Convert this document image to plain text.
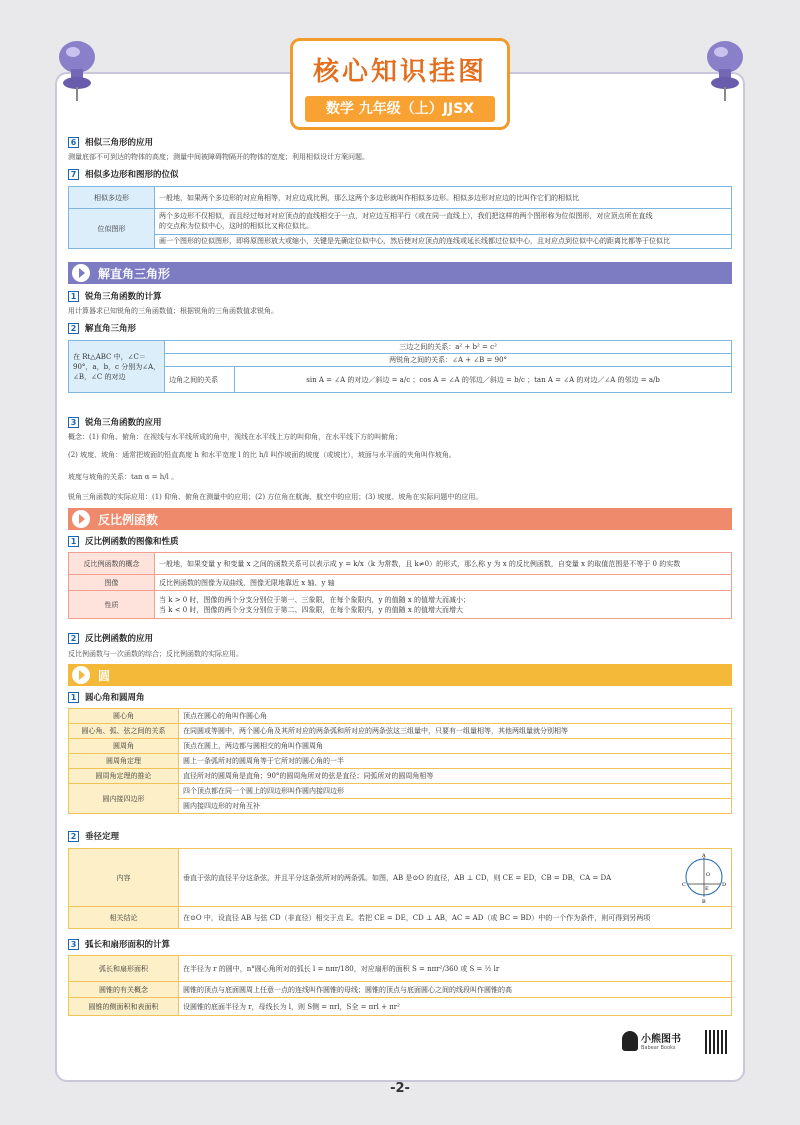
核心知识挂图
数学 九年级（上）JJSX
6	相似三角形的应用
测量底部不可到达的物体的高度；测量中间被障碍物隔开的物体的宽度；利用相似设计方案问题。
7	相似多边形和图形的位似
相似多边形	一般地，如果两个多边形的对应角相等，对应边成比例，那么这两个多边形就叫作相似多边形。相似多边形对应边的比叫作它们的相似比
位似图形	两个多边形不仅相似，而且经过每对对应顶点的直线相交于一点，对应边互相平行（或在同一直线上），我们把这样的两个图形称为位似图形，对应顶点所在直线
的交点称为位似中心，这时的相似比又称位似比。

	画一个图形的位似图形，即将原图形放大或缩小，关键是先确定位似中心，然后使对应顶点的连线或延长线都过位似中心，且对应点到位似中心的距离比都等于位似比
解直角三角形
1	锐角三角函数的计算
用计算器求已知锐角的三角函数值；根据锐角的三角函数值求锐角。
2	解直角三角形
在 Rt△ABC 中，∠C＝
90°，a，b，c 分别为∠A，
∠B，∠C 的对边	三边之间的关系：a² + b² = c²	
	两锐角之间的关系：∠A + ∠B = 90°	
	边角之间的关系	sin A = ∠A 的对边／斜边 = a/c ；cos A = ∠A 的邻边／斜边 = b/c ；tan A = ∠A 的对边／∠A 的邻边 = a/b
3	锐角三角函数的应用
概念：(1) 仰角、俯角：在视线与水平线所成的角中，视线在水平线上方的叫仰角，在水平线下方的叫俯角；
(2) 坡度、坡角：通常把坡面的铅直高度 h 和水平宽度 l 的比 h/l 叫作坡面的坡度（或坡比），坡面与水平面的夹角叫作坡角。
坡度与坡角的关系：tan α = h/l 。
锐角三角函数的实际应用：(1) 仰角、俯角在测量中的应用；(2) 方位角在航海、航空中的应用；(3) 坡度、坡角在实际问题中的应用。
反比例函数
1	反比例函数的图像和性质
反比例函数的概念	一般地，如果变量 y 和变量 x 之间的函数关系可以表示成 y = k/x（k 为常数，且 k≠0）的形式，那么称 y 为 x 的反比例函数，自变量 x 的取值范围是不等于 0 的实数
图像	反比例函数的图像为双曲线，图像无限地靠近 x 轴、y 轴
性质	当 k > 0 时，图像的两个分支分别位于第一、三象限，在每个象限内，y 的值随 x 的值增大而减小；
当 k < 0 时，图像的两个分支分别位于第二、四象限，在每个象限内，y 的值随 x 的值增大而增大
2	反比例函数的应用
反比例函数与一次函数的综合；反比例函数的实际应用。
圆
1	圆心角和圆周角
圆心角	顶点在圆心的角叫作圆心角
圆心角、弧、弦之间的关系	在同圆或等圆中，两个圆心角及其所对应的两条弧和所对应的两条弦这三组量中，只要有一组量相等，其他两组量就分别相等
圆周角	顶点在圆上，两边都与圆相交的角叫作圆周角
圆周角定理	圆上一条弧所对的圆周角等于它所对的圆心角的一半
圆周角定理的推论	直径所对的圆周角是直角；90°的圆周角所对的弦是直径；同弧所对的圆周角相等
圆内接四边形	四个顶点都在同一个圆上的四边形叫作圆内接四边形
	圆内接四边形的对角互补
2	垂径定理
内容	垂直于弦的直径平分这条弦，并且平分这条弦所对的两条弧。如图，AB 是⊙O 的直径，AB ⊥ CD，则 CE = ED，CB = DB，CA = DA
相关结论	在⊙O 中，设直径 AB 与弦 CD（非直径）相交于点 E。若把 CE = DE，CD ⊥ AB，AC = AD（或 BC = BD）中的一个作为条件，则可得到另两项
A
B
C	D
E
O
3	弧长和扇形面积的计算
弧长和扇形面积	在半径为 r 的圆中，n°圆心角所对的弧长 l = nπr/180，对应扇形的面积 S = nπr²/360 或 S = ½ lr
圆锥的有关概念	圆锥的顶点与底面圆周上任意一点的连线叫作圆锥的母线；圆锥的顶点与底面圆心之间的线段叫作圆锥的高
圆锥的侧面积和表面积	设圆锥的底面半径为 r，母线长为 l，则 S侧 = πrl，S全 = πrl + πr²
小熊图书
Babear Books
-2-
